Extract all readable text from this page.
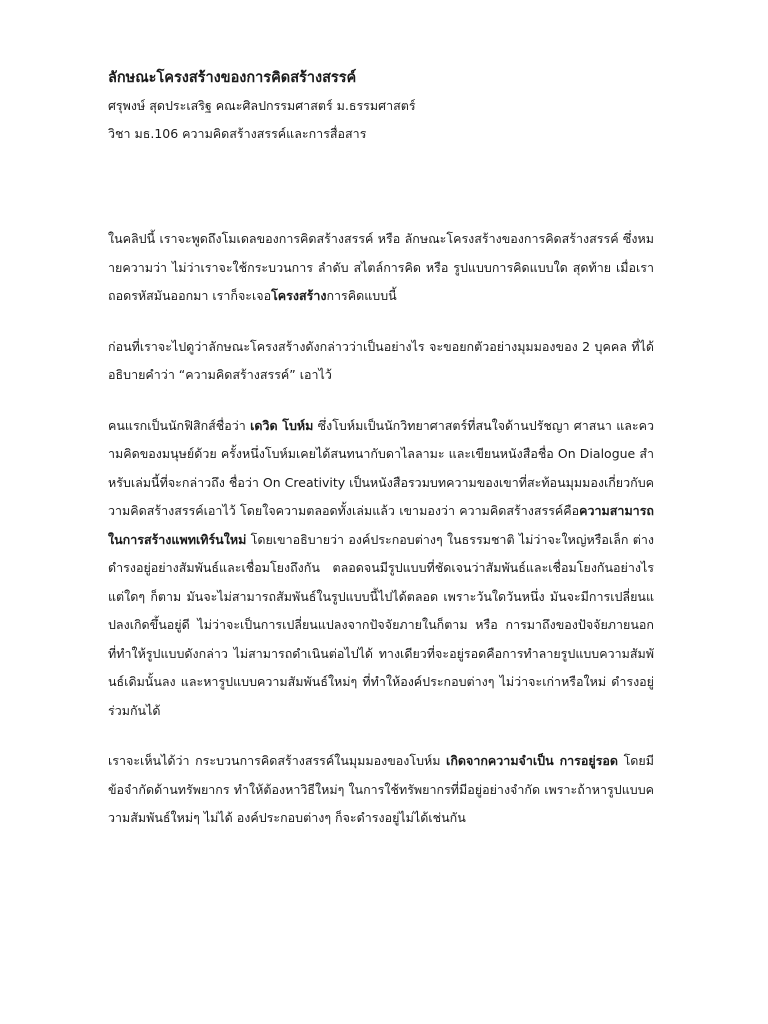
ลักษณะโครงสร้างของการคิดสร้างสรรค์

ศรุพงษ์ สุดประเสริฐ คณะศิลปกรรมศาสตร์ ม.ธรรมศาสตร์

วิชา มธ.106 ความคิดสร้างสรรค์และการสื่อสาร

ในคลิปนี้ เราจะพูดถึงโมเดลของการคิดสร้างสรรค์ หรือ ลักษณะโครงสร้างของการคิดสร้างสรรค์ ซึ่งหมายความว่า ไม่ว่าเราจะใช้กระบวนการ ลำดับ สไตล์การคิด หรือ รูปแบบการคิดแบบใด สุดท้าย เมื่อเราถอดรหัสมันออกมา เราก็จะเจอโครงสร้างการคิดแบบนี้

ก่อนที่เราจะไปดูว่าลักษณะโครงสร้างดังกล่าวว่าเป็นอย่างไร จะขอยกตัวอย่างมุมมองของ 2 บุคคล ที่ได้อธิบายคำว่า “ความคิดสร้างสรรค์” เอาไว้

คนแรกเป็นนักฟิสิกส์ชื่อว่า เดวิด โบห์ม ซึ่งโบห์มเป็นนักวิทยาศาสตร์ที่สนใจด้านปรัชญา ศาสนา และความคิดของมนุษย์ด้วย ครั้งหนึ่งโบห์มเคยได้สนทนากับดาไลลามะ และเขียนหนังสือชื่อ On Dialogue สำหรับเล่มนี้ที่จะกล่าวถึง ชื่อว่า On Creativity เป็นหนังสือรวมบทความของเขาที่สะท้อนมุมมองเกี่ยวกับความคิดสร้างสรรค์เอาไว้ โดยใจความตลอดทั้งเล่มแล้ว เขามองว่า ความคิดสร้างสรรค์คือความสามารถในการสร้างแพทเทิร์นใหม่ โดยเขาอธิบายว่า องค์ประกอบต่างๆ ในธรรมชาติ ไม่ว่าจะใหญ่หรือเล็ก ต่างดำรงอยู่อย่างสัมพันธ์และเชื่อมโยงถึงกัน ตลอดจนมีรูปแบบที่ชัดเจนว่าสัมพันธ์และเชื่อมโยงกันอย่างไร แต่ใดๆ ก็ตาม มันจะไม่สามารถสัมพันธ์ในรูปแบบนี้ไปได้ตลอด เพราะวันใดวันหนึ่ง มันจะมีการเปลี่ยนแปลงเกิดขึ้นอยู่ดี ไม่ว่าจะเป็นการเปลี่ยนแปลงจากปัจจัยภายในก็ตาม หรือ การมาถึงของปัจจัยภายนอก ที่ทำให้รูปแบบดังกล่าว ไม่สามารถดำเนินต่อไปได้ ทางเดียวที่จะอยู่รอดคือการทำลายรูปแบบความสัมพันธ์เดิมนั้นลง และหารูปแบบความสัมพันธ์ใหม่ๆ ที่ทำให้องค์ประกอบต่างๆ ไม่ว่าจะเก่าหรือใหม่ ดำรงอยู่ร่วมกันได้

เราจะเห็นได้ว่า กระบวนการคิดสร้างสรรค์ในมุมมองของโบห์ม เกิดจากความจำเป็น การอยู่รอด โดยมีข้อจำกัดด้านทรัพยากร ทำให้ต้องหาวิธีใหม่ๆ ในการใช้ทรัพยากรที่มีอยู่อย่างจำกัด เพราะถ้าหารูปแบบความสัมพันธ์ใหม่ๆ ไม่ได้ องค์ประกอบต่างๆ ก็จะดำรงอยู่ไม่ได้เช่นกัน
